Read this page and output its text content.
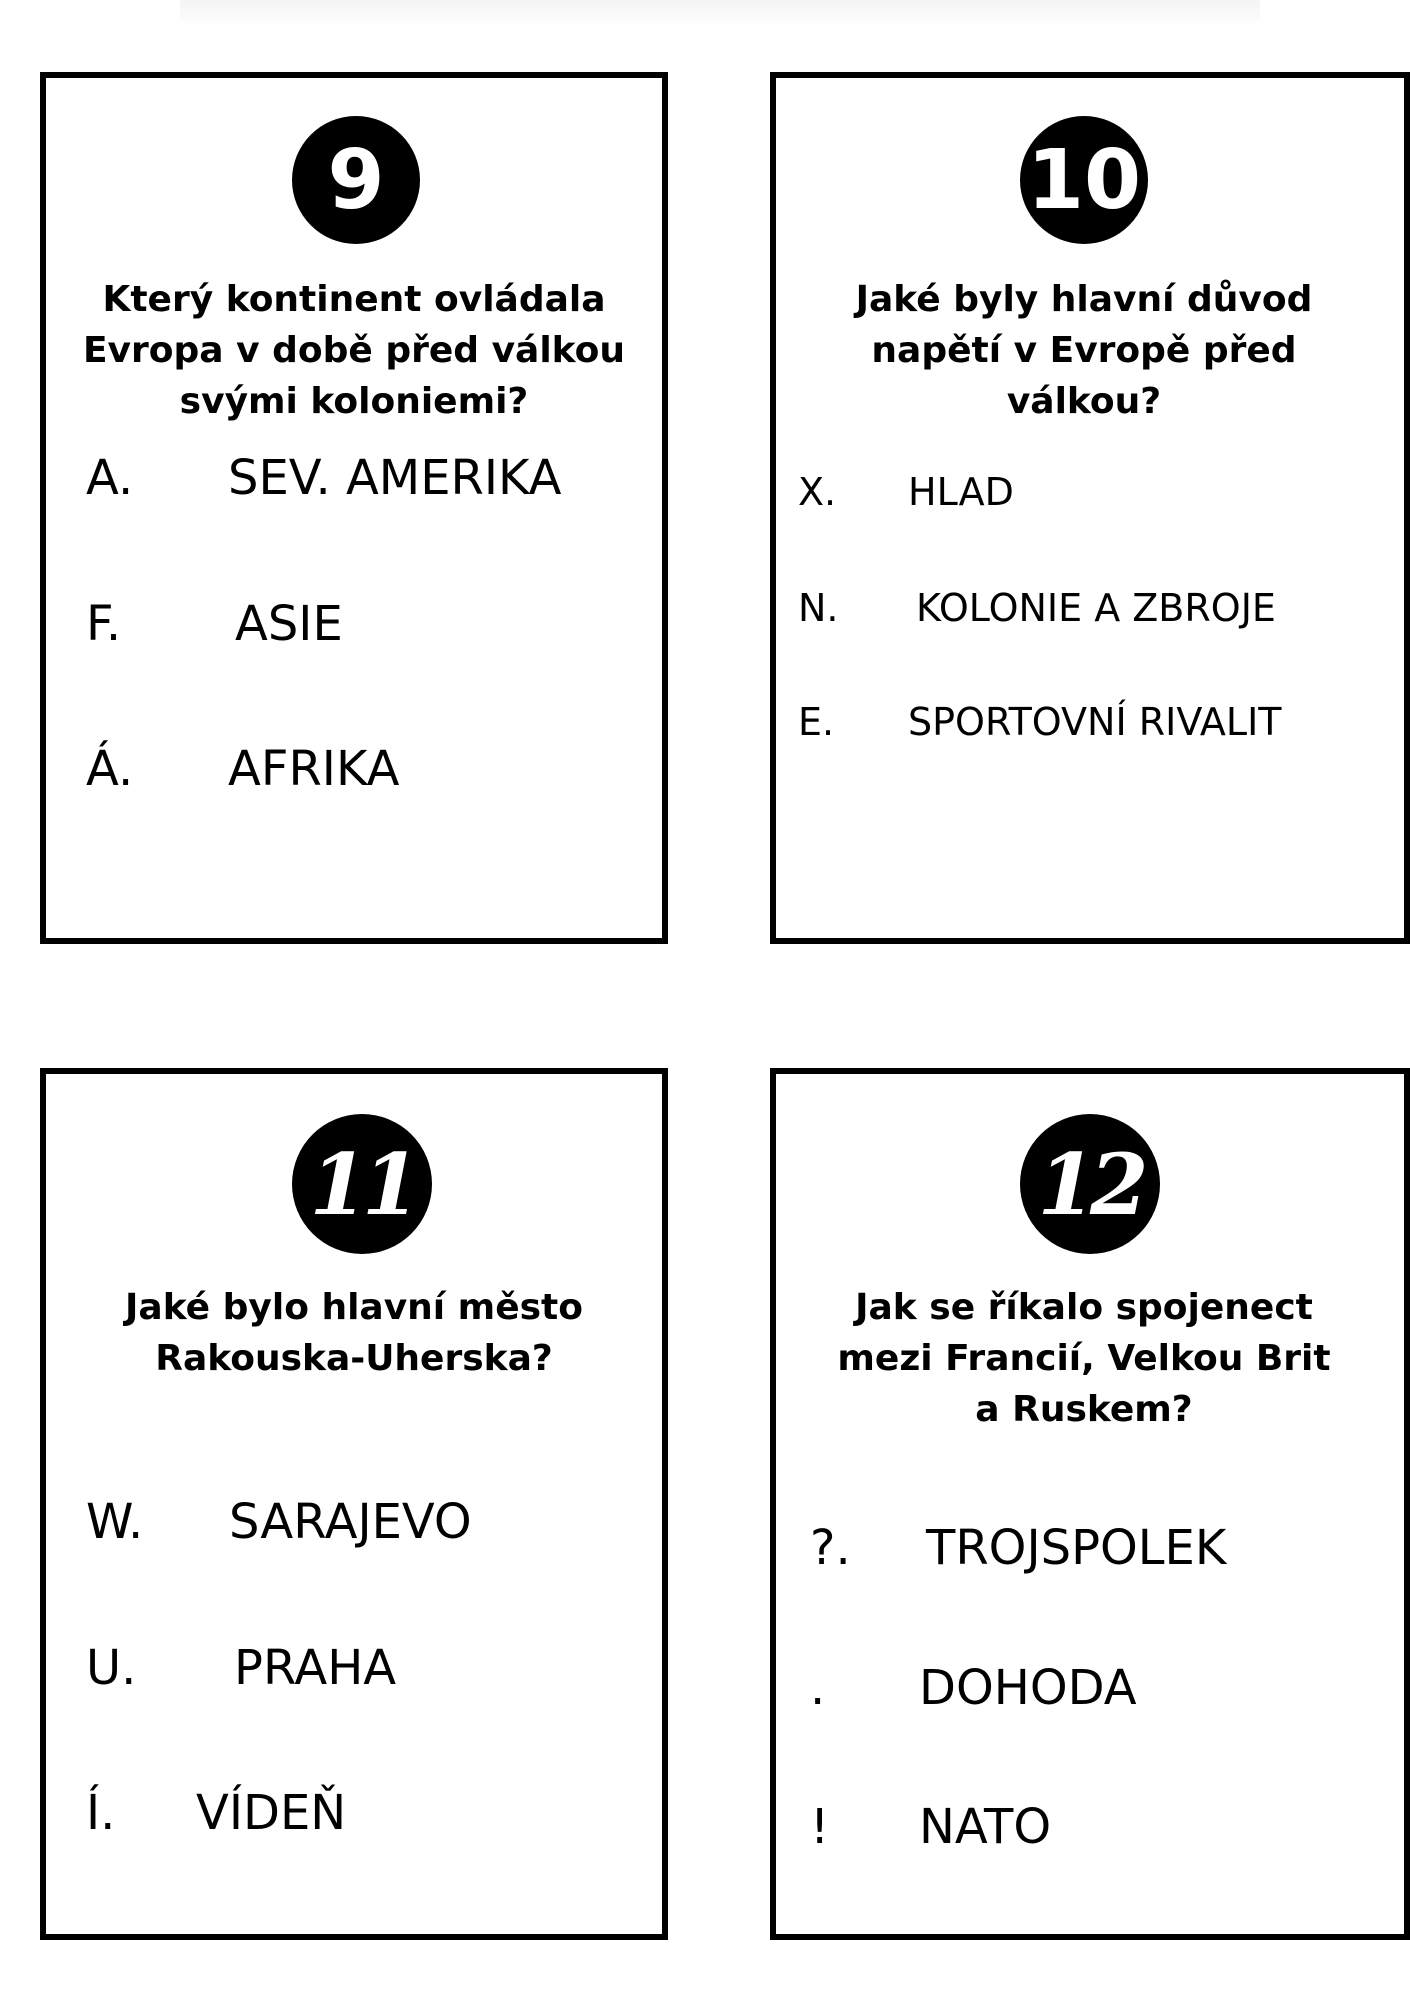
9
Který kontinent ovládala
Evropa v době před válkou
svými koloniemi?
A. SEV. AMERIKA
F. ASIE
Á. AFRIKA
10
Jaké byly hlavní důvod
napětí v Evropě před
válkou?
X. HLAD
N. KOLONIE A ZBROJE
E. SPORTOVNÍ RIVALIT
11
Jaké bylo hlavní město
Rakouska-Uherska?
W. SARAJEVO
U. PRAHA
Í. VÍDEŇ
12
Jak se říkalo spojenect
mezi Francií, Velkou Brit
a Ruskem?
?. TROJSPOLEK
. DOHODA
! NATO
